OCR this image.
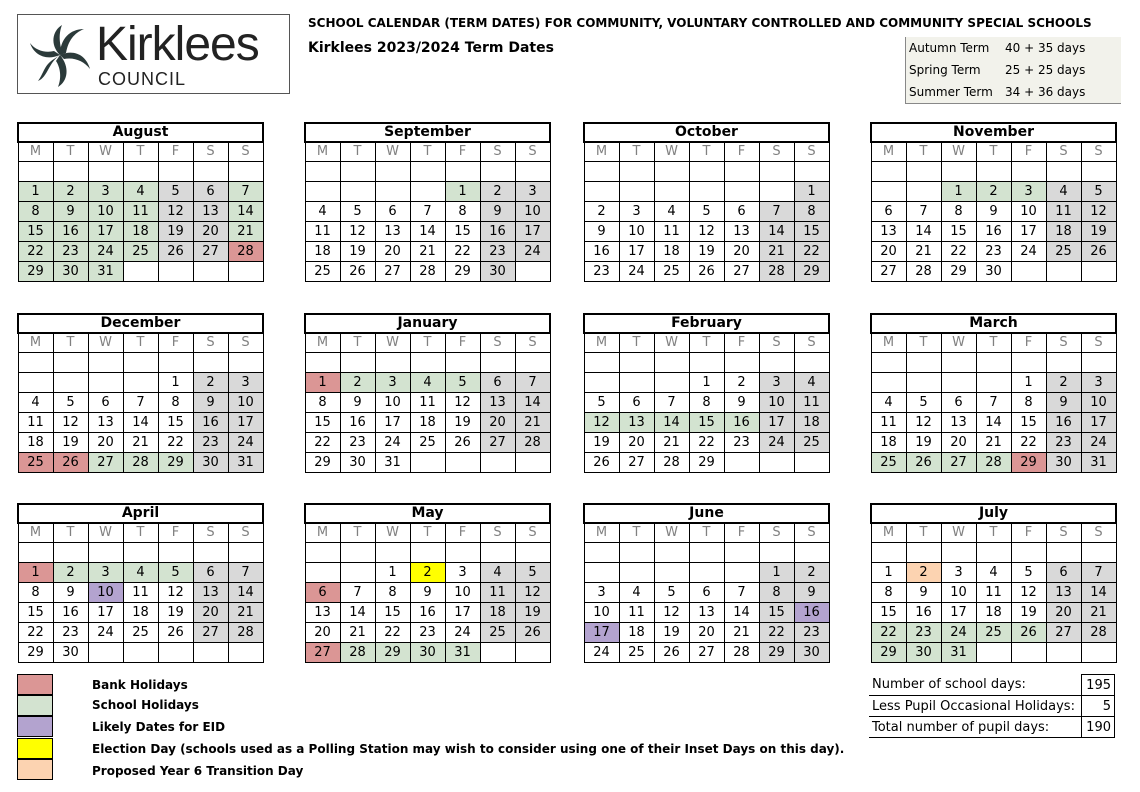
Kirklees
COUNCIL
SCHOOL CALENDAR (TERM DATES) FOR COMMUNITY, VOLUNTARY CONTROLLED AND COMMUNITY SPECIAL SCHOOLS
Kirklees 2023/2024 Term Dates	Autumn Term 40 + 35 days
Spring Term 25 + 25 days
Summer Term 34 + 36 days
August						
M	T	W	T	F	S	S

1	2	3	4	5	6	7
8	9	10	11	12	13	14
15	16	17	18	19	20	21
22	23	24	25	26	27	28
29	30	31				
September						
M	T	W	T	F	S	S

				1	2	3
4	5	6	7	8	9	10
11	12	13	14	15	16	17
18	19	20	21	22	23	24
25	26	27	28	29	30	
October						
M	T	W	T	F	S	S

						1
2	3	4	5	6	7	8
9	10	11	12	13	14	15
16	17	18	19	20	21	22
23	24	25	26	27	28	29
November						
M	T	W	T	F	S	S

		1	2	3	4	5
6	7	8	9	10	11	12
13	14	15	16	17	18	19
20	21	22	23	24	25	26
27	28	29	30			
December						
M	T	W	T	F	S	S

				1	2	3
4	5	6	7	8	9	10
11	12	13	14	15	16	17
18	19	20	21	22	23	24
25	26	27	28	29	30	31
January						
M	T	W	T	F	S	S

1	2	3	4	5	6	7
8	9	10	11	12	13	14
15	16	17	18	19	20	21
22	23	24	25	26	27	28
29	30	31				
February						
M	T	W	T	F	S	S

			1	2	3	4
5	6	7	8	9	10	11
12	13	14	15	16	17	18
19	20	21	22	23	24	25
26	27	28	29			
March						
M	T	W	T	F	S	S

				1	2	3
4	5	6	7	8	9	10
11	12	13	14	15	16	17
18	19	20	21	22	23	24
25	26	27	28	29	30	31
April						
M	T	W	T	F	S	S

1	2	3	4	5	6	7
8	9	10	11	12	13	14
15	16	17	18	19	20	21
22	23	24	25	26	27	28
29	30					
May						
M	T	W	T	F	S	S

		1	2	3	4	5
6	7	8	9	10	11	12
13	14	15	16	17	18	19
20	21	22	23	24	25	26
27	28	29	30	31		
June						
M	T	W	T	F	S	S

					1	2
3	4	5	6	7	8	9
10	11	12	13	14	15	16
17	18	19	20	21	22	23
24	25	26	27	28	29	30
July						
M	T	W	T	F	S	S

1	2	3	4	5	6	7
8	9	10	11	12	13	14
15	16	17	18	19	20	21
22	23	24	25	26	27	28
29	30	31				
Bank Holidays
School Holidays
Likely Dates for EID
Election Day (schools used as a Polling Station may wish to consider using one of their Inset Days on this day).
Proposed Year 6 Transition Day
Number of school days:	195
Less Pupil Occasional Holidays:	5
Total number of pupil days:	190
